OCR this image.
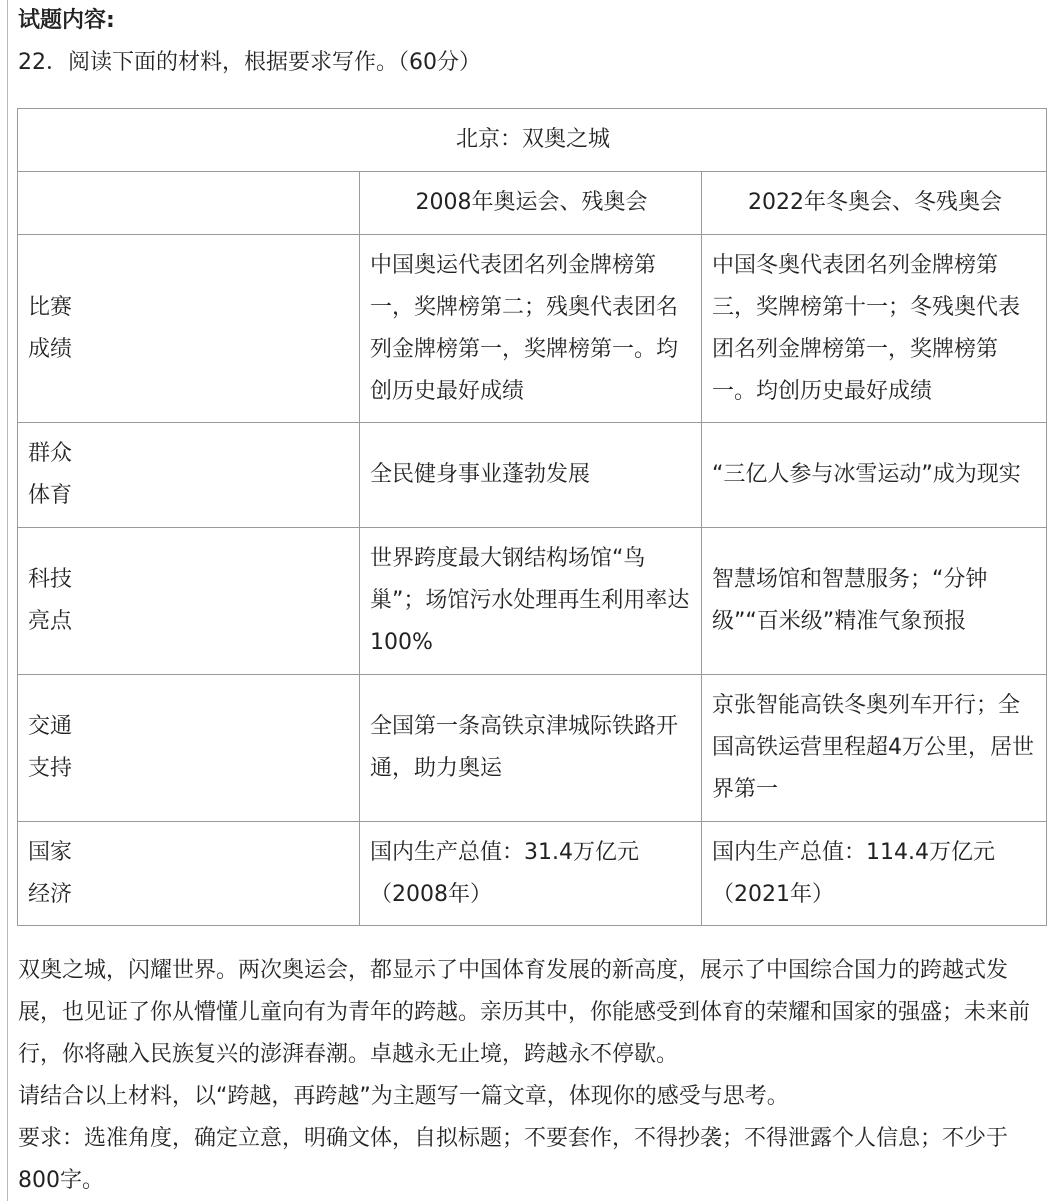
试题内容:
22．阅读下面的材料，根据要求写作。（60分）
北京：双奥之城		
	2008年奥运会、残奥会	2022年冬奥会、冬残奥会

比赛
成绩	中国奥运代表团名列金牌榜第一，奖牌榜第二；残奥代表团名列金牌榜第一，奖牌榜第一。均创历史最好成绩	中国冬奥代表团名列金牌榜第三，奖牌榜第十一；冬残奥代表团名列金牌榜第一，奖牌榜第一。均创历史最好成绩

群众
体育	全民健身事业蓬勃发展	“三亿人参与冰雪运动”成为现实

科技
亮点	世界跨度最大钢结构场馆“鸟巢”；场馆污水处理再生利用率达100%	智慧场馆和智慧服务；“分钟级”“百米级”精准气象预报

交通
支持	全国第一条高铁京津城际铁路开通，助力奥运	京张智能高铁冬奥列车开行；全国高铁运营里程超4万公里，居世界第一

国家
经济	国内生产总值：31.4万亿元（2008年）	国内生产总值：114.4万亿元（2021年）
双奥之城，闪耀世界。两次奥运会，都显示了中国体育发展的新高度，展示了中国综合国力的跨越式发展，也见证了你从懵懂儿童向有为青年的跨越。亲历其中，你能感受到体育的荣耀和国家的强盛；未来前行，你将融入民族复兴的澎湃春潮。卓越永无止境，跨越永不停歇。
请结合以上材料，以“跨越，再跨越”为主题写一篇文章，体现你的感受与思考。
要求：选准角度，确定立意，明确文体，自拟标题；不要套作，不得抄袭；不得泄露个人信息；不少于800字。
